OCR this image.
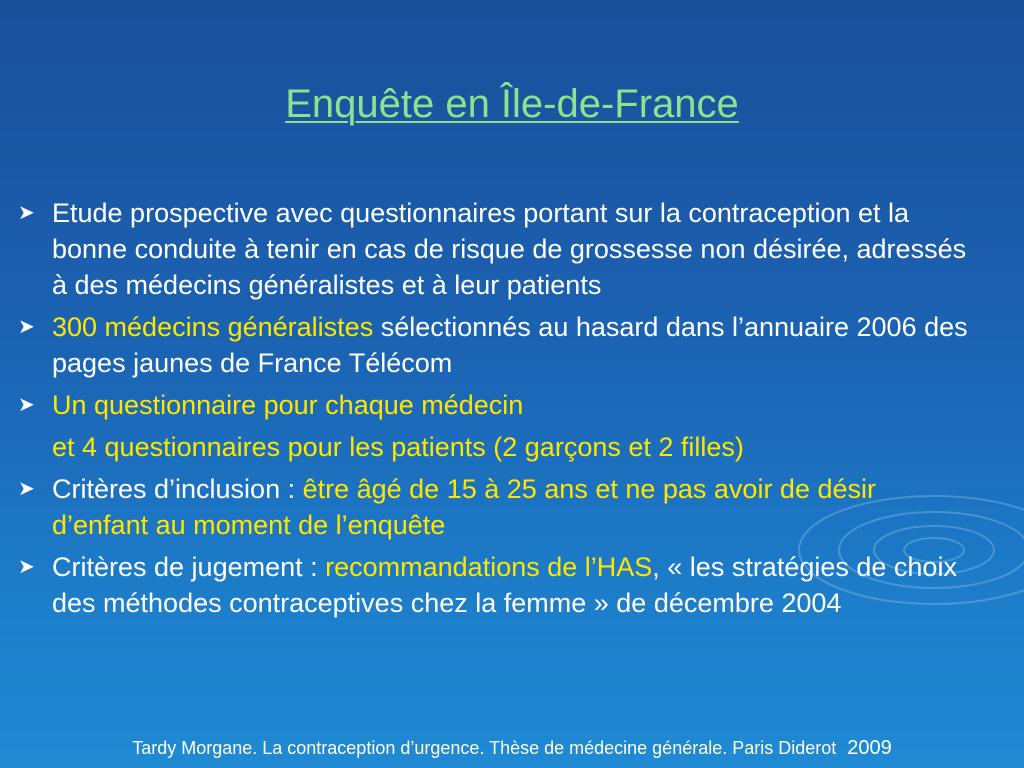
Enquête en Île-de-France
➤ Etude prospective avec questionnaires portant sur la contraception et la bonne conduite à tenir en cas de risque de grossesse non désirée, adressés à des médecins généralistes et à leur patients
➤ 300 médecins généralistes sélectionnés au hasard dans l’annuaire 2006 des pages jaunes de France Télécom
➤ Un questionnaire pour chaque médecin
et 4 questionnaires pour les patients (2 garçons et 2 filles)
➤ Critères d’inclusion : être âgé de 15 à 25 ans et ne pas avoir de désir d’enfant au moment de l’enquête
➤ Critères de jugement : recommandations de l’HAS, « les stratégies de choix des méthodes contraceptives chez la femme » de décembre 2004
Tardy Morgane. La contraception d’urgence. Thèse de médecine générale. Paris Diderot 2009
